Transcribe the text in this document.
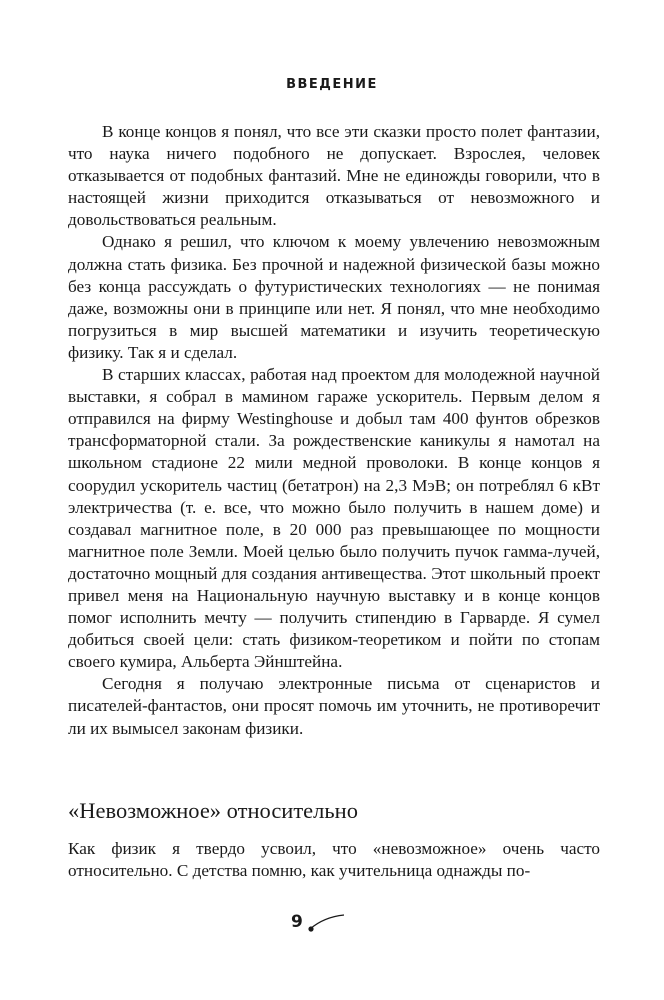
ВВЕДЕНИЕ

В конце концов я понял, что все эти сказки просто полет фантазии, что наука ничего подобного не допускает. Взрослея, человек отказывается от подобных фантазий. Мне не единожды говорили, что в настоящей жизни приходится отказываться от невозможного и довольствоваться реальным.

Однако я решил, что ключом к моему увлечению невозможным должна стать физика. Без прочной и надежной физической базы можно без конца рассуждать о футуристических технологиях — не понимая даже, возможны они в принципе или нет. Я понял, что мне необходимо погрузиться в мир высшей математики и изучить теоретическую физику. Так я и сделал.

В старших классах, работая над проектом для молодежной научной выставки, я собрал в мамином гараже ускоритель. Первым делом я отправился на фирму Westinghouse и добыл там 400 фунтов обрезков трансформаторной стали. За рождественские каникулы я намотал на школьном стадионе 22 мили медной проволоки. В конце концов я соорудил ускоритель частиц (бетатрон) на 2,3 МэВ; он потреблял 6 кВт электричества (т. е. все, что можно было получить в нашем доме) и создавал магнитное поле, в 20 000 раз превышающее по мощности магнитное поле Земли. Моей целью было получить пучок гамма-лучей, достаточно мощный для создания антивещества. Этот школьный проект привел меня на Национальную научную выставку и в конце концов помог исполнить мечту — получить стипендию в Гарварде. Я сумел добиться своей цели: стать физиком-теоретиком и пойти по стопам своего кумира, Альберта Эйнштейна.

Сегодня я получаю электронные письма от сценаристов и писателей-фантастов, они просят помочь им уточнить, не противоречит ли их вымысел законам физики.

«Невозможное» относительно

Как физик я твердо усвоил, что «невозможное» очень часто относительно. С детства помню, как учительница однажды по-

9
